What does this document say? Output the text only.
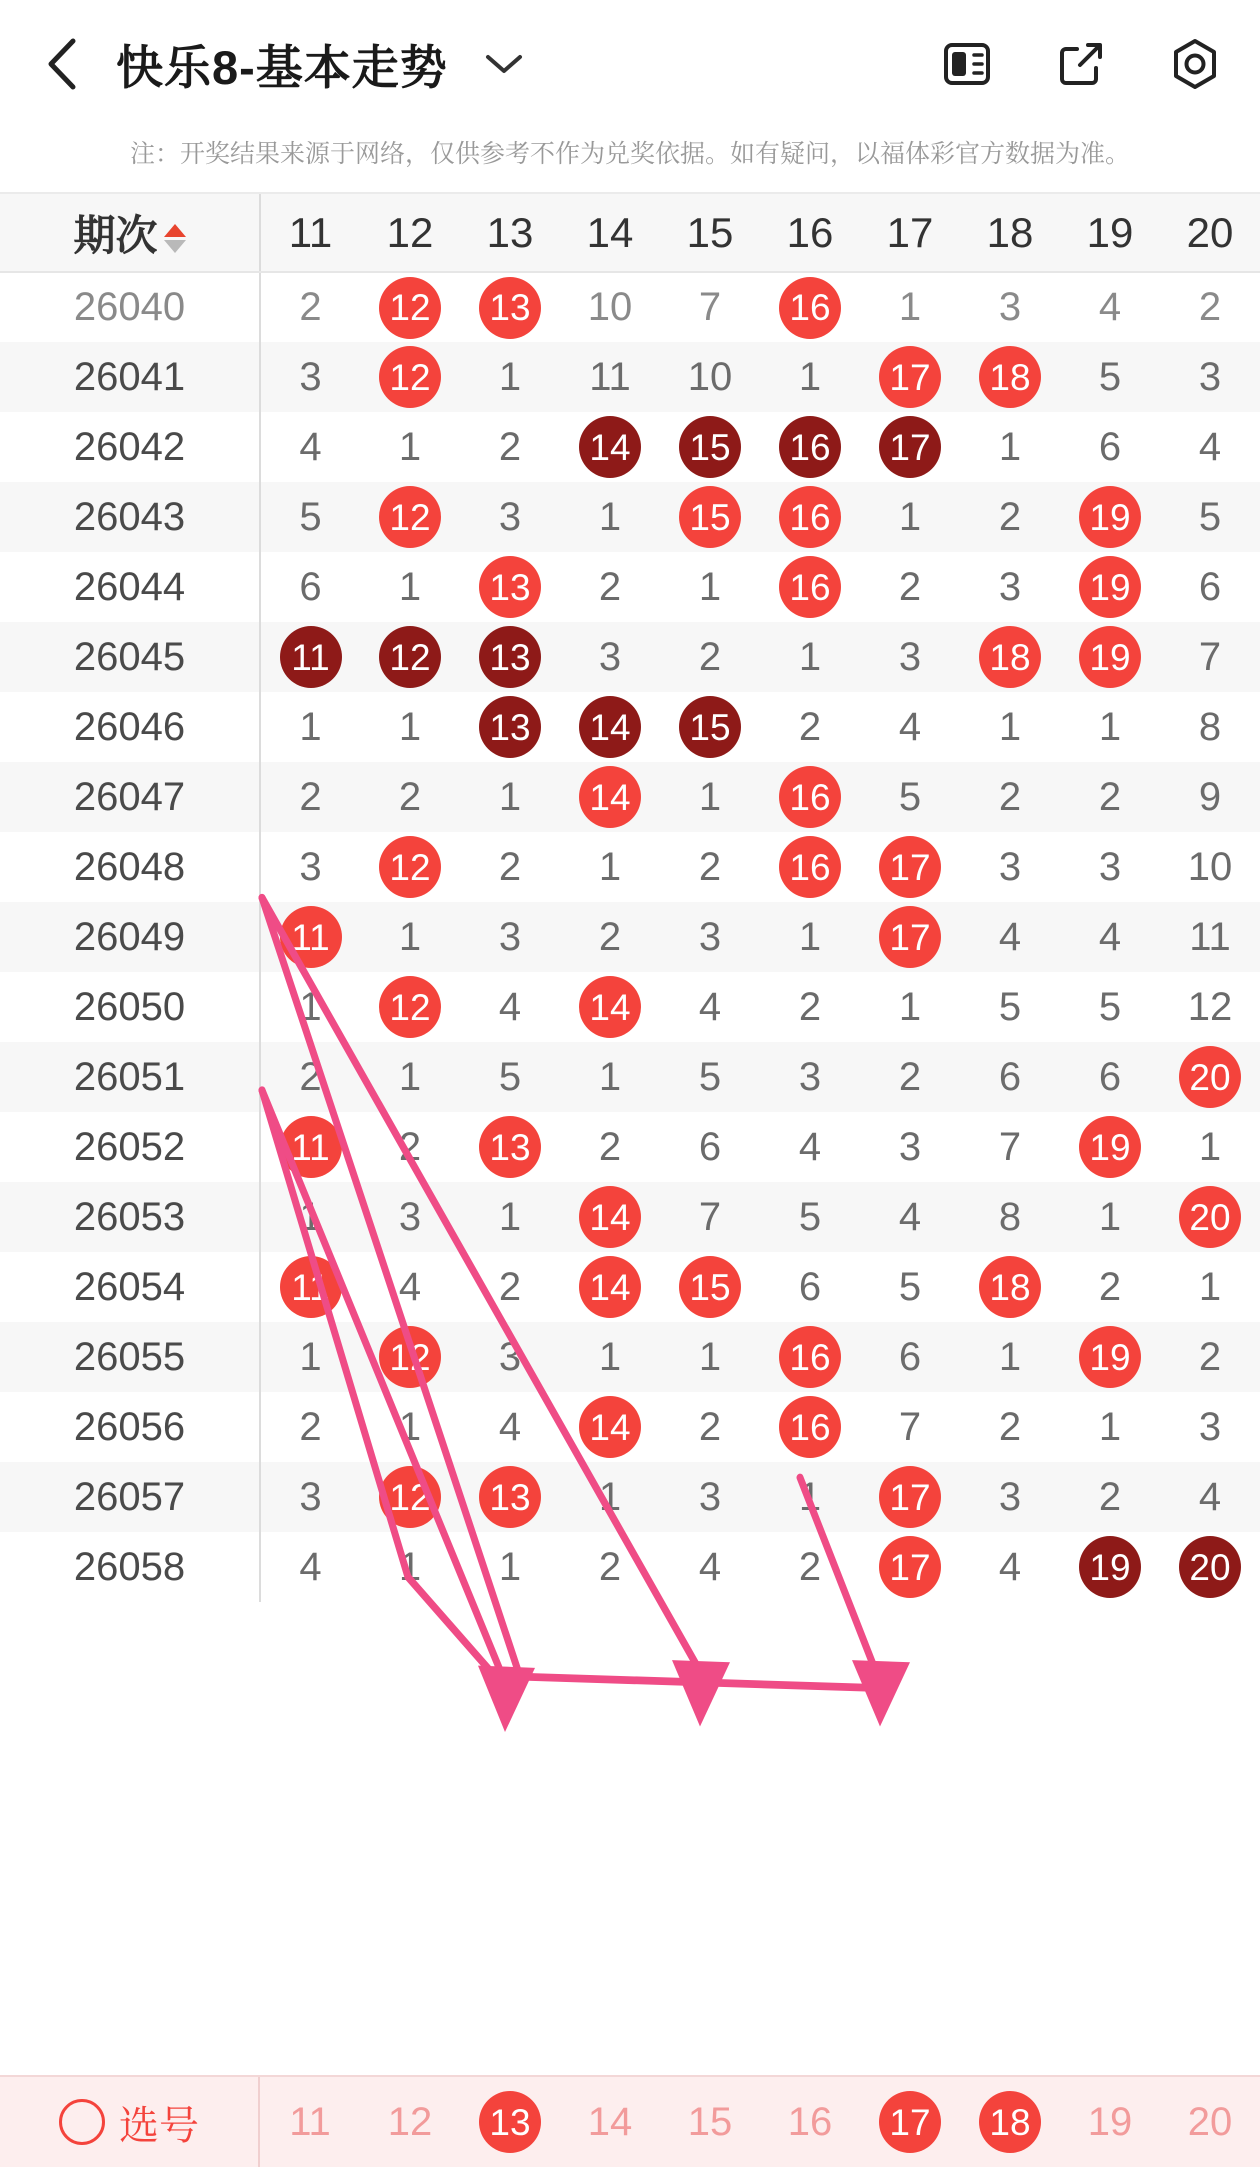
快乐8-基本走势
注：开奖结果来源于网络，仅供参考不作为兑奖依据。如有疑问，以福体彩官方数据为准。
期次	11	12	13	14	15	16	17	18	19	20
26040	2	12	13	10	7	16	1	3	4	2
26041	3	12	1	11	10	1	17	18	5	3
26042	4	1	2	14	15	16	17	1	6	4
26043	5	12	3	1	15	16	1	2	19	5
26044	6	1	13	2	1	16	2	3	19	6
26045	11	12	13	3	2	1	3	18	19	7
26046	1	1	13	14	15	2	4	1	1	8
26047	2	2	1	14	1	16	5	2	2	9
26048	3	12	2	1	2	16	17	3	3	10
26049	11	1	3	2	3	1	17	4	4	11
26050	1	12	4	14	4	2	1	5	5	12
26051	2	1	5	1	5	3	2	6	6	20
26052	11	2	13	2	6	4	3	7	19	1
26053	1	3	1	14	7	5	4	8	1	20
26054	11	4	2	14	15	6	5	18	2	1
26055	1	12	3	1	1	16	6	1	19	2
26056	2	1	4	14	2	16	7	2	1	3
26057	3	12	13	1	3	1	17	3	2	4
26058	4	1	1	2	4	2	17	4	19	20
选号	11	12	13	14	15	16	17	18	19	20
